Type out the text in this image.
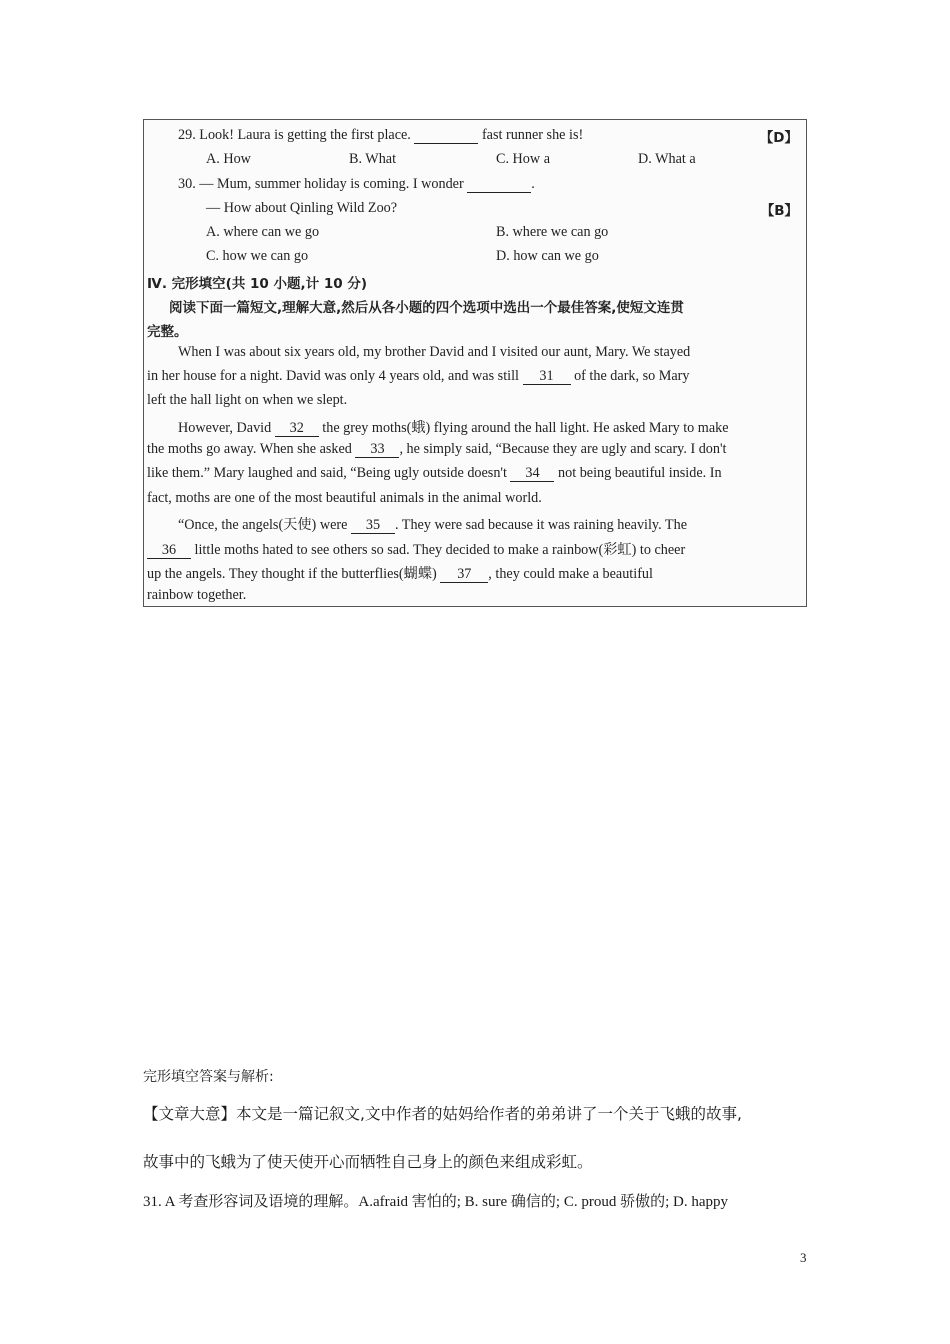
29. Look! Laura is getting the first place.	fast runner she is!	【D】
A. How	B. What	C. How a	D. What a
30. — Mum, summer holiday is coming. I wonder	.
— How about Qinling Wild Zoo?	【B】
A. where can we go	B. where we can go
C. how we can go	D. how can we go
Ⅳ. 完形填空(共 10 小题,计 10 分)
阅读下面一篇短文,理解大意,然后从各小题的四个选项中选出一个最佳答案,使短文连贯
完整。
When I was about six years old, my brother David and I visited our aunt, Mary. We stayed
in her house for a night. David was only 4 years old, and was still 31 of the dark, so Mary
left the hall light on when we slept.
However, David 32 the grey moths(蛾) flying around the hall light. He asked Mary to make
the moths go away. When she asked 33 , he simply said, “Because they are ugly and scary. I don't
like them.” Mary laughed and said, “Being ugly outside doesn't 34 not being beautiful inside. In
fact, moths are one of the most beautiful animals in the animal world.
“Once, the angels(天使) were 35 . They were sad because it was raining heavily. The
36 little moths hated to see others so sad. They decided to make a rainbow(彩虹) to cheer
up the angels. They thought if the butterflies(蝴蝶) 37 , they could make a beautiful
rainbow together.
完形填空答案与解析:
【文章大意】本文是一篇记叙文,文中作者的姑妈给作者的弟弟讲了一个关于飞蛾的故事,
故事中的飞蛾为了使天使开心而牺牲自己身上的颜色来组成彩虹。
31. A 考查形容词及语境的理解。A.afraid 害怕的; B. sure 确信的; C. proud 骄傲的; D. happy
3
